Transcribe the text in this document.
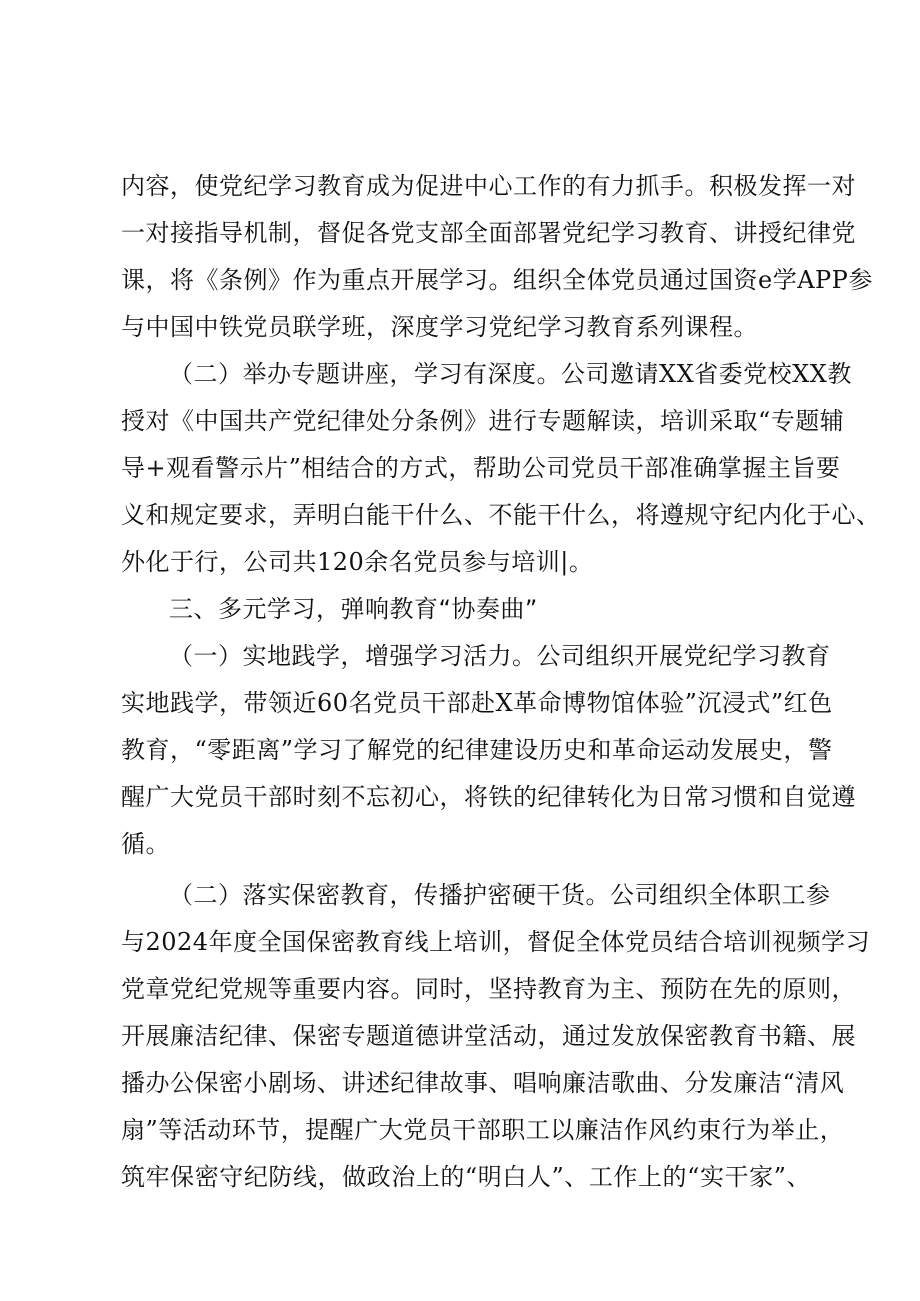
内容，使党纪学习教育成为促进中心工作的有力抓手。积极发挥一对
一对接指导机制，督促各党支部全面部署党纪学习教育、讲授纪律党
课，将《条例》作为重点开展学习。组织全体党员通过国资e学APP参
与中国中铁党员联学班，深度学习党纪学习教育系列课程。
（二）举办专题讲座，学习有深度。公司邀请XX省委党校XX教
授对《中国共产党纪律处分条例》进行专题解读，培训采取“专题辅
导+观看警示片”相结合的方式，帮助公司党员干部准确掌握主旨要
义和规定要求，弄明白能干什么、不能干什么，将遵规守纪内化于心、
外化于行，公司共120余名党员参与培训|。
三、多元学习，弹响教育“协奏曲”
（一）实地践学，增强学习活力。公司组织开展党纪学习教育
实地践学，带领近60名党员干部赴X革命博物馆体验”沉浸式”红色
教育，“零距离”学习了解党的纪律建设历史和革命运动发展史，警
醒广大党员干部时刻不忘初心，将铁的纪律转化为日常习惯和自觉遵
循。
（二）落实保密教育，传播护密硬干货。公司组织全体职工参
与2024年度全国保密教育线上培训，督促全体党员结合培训视频学习
党章党纪党规等重要内容。同时，坚持教育为主、预防在先的原则，
开展廉洁纪律、保密专题道德讲堂活动，通过发放保密教育书籍、展
播办公保密小剧场、讲述纪律故事、唱响廉洁歌曲、分发廉洁“清风
扇”等活动环节，提醒广大党员干部职工以廉洁作风约束行为举止，
筑牢保密守纪防线，做政治上的“明白人”、工作上的“实干家”、
